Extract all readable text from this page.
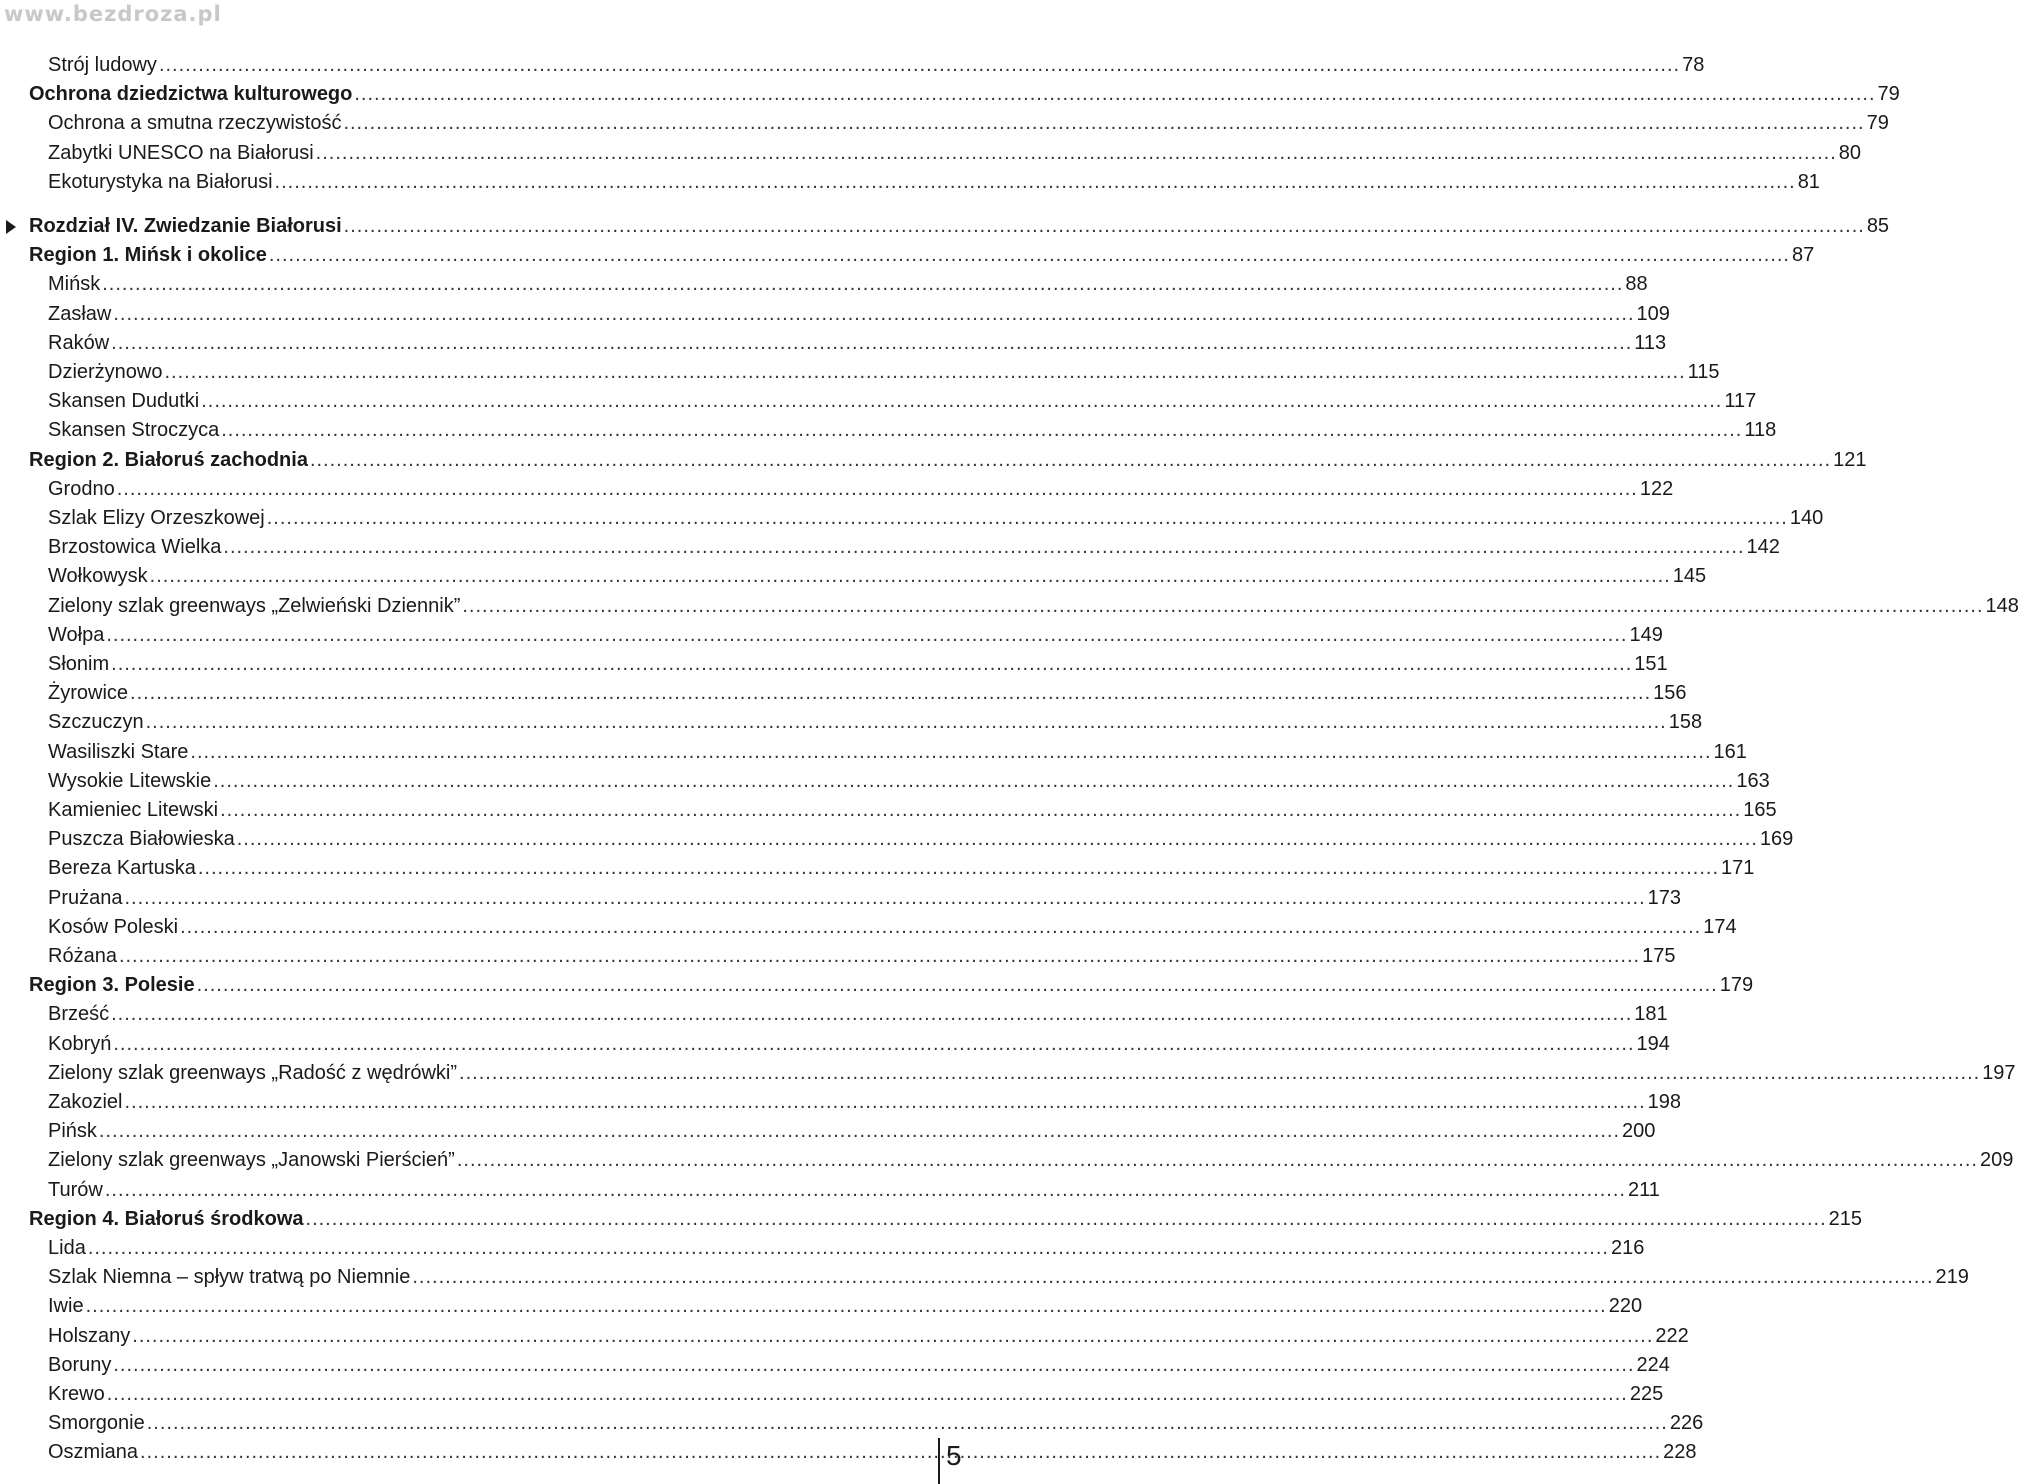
www.bezdroza.pl
Strój ludowy .....	78
Ochrona dziedzictwa kulturowego .....	79
Ochrona a smutna rzeczywistość .....	79
Zabytki UNESCO na Białorusi .....	80
Ekoturystyka na Białorusi .....	81
Rozdział IV. Zwiedzanie Białorusi .....	85
Region 1. Mińsk i okolice .....	87
Mińsk .....	88
Zasław .....	109
Raków .....	113
Dzierżynowo .....	115
Skansen Dudutki .....	117
Skansen Stroczyca .....	118
Region 2. Białoruś zachodnia .....	121
Grodno .....	122
Szlak Elizy Orzeszkowej .....	140
Brzostowica Wielka .....	142
Wołkowysk .....	145
Zielony szlak greenways „Zelwieński Dziennik” .....	148
Wołpa .....	149
Słonim .....	151
Żyrowice .....	156
Szczuczyn .....	158
Wasiliszki Stare .....	161
Wysokie Litewskie .....	163
Kamieniec Litewski .....	165
Puszcza Białowieska .....	169
Bereza Kartuska .....	171
Prużana .....	173
Kosów Poleski .....	174
Różana .....	175
Region 3. Polesie .....	179
Brześć .....	181
Kobryń .....	194
Zielony szlak greenways „Radość z wędrówki” .....	197
Zakoziel .....	198
Pińsk .....	200
Zielony szlak greenways „Janowski Pierścień” .....	209
Turów .....	211
Region 4. Białoruś środkowa .....	215
Lida .....	216
Szlak Niemna – spływ tratwą po Niemnie .....	219
Iwie .....	220
Holszany .....	222
Boruny .....	224
Krewo .....	225
Smorgonie .....	226
Oszmiana .....	228
5
